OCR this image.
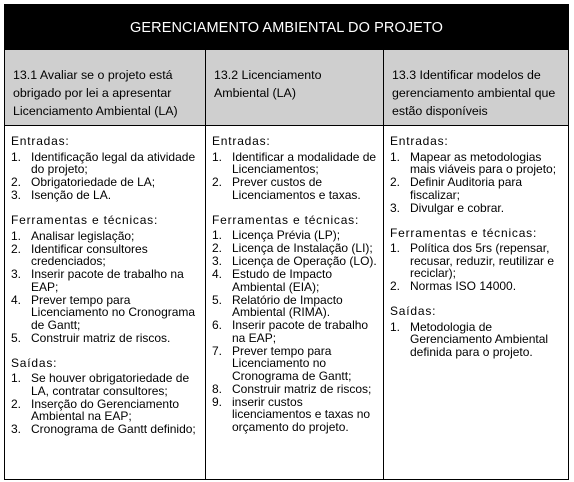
GERENCIAMENTO AMBIENTAL DO PROJETO
13.1 Avaliar se o projeto está obrigado por lei a apresentar Licenciamento Ambiental (LA)
Entradas:
1. Identificação legal da atividade do projeto;
2. Obrigatoriedade de LA;
3. Isenção de LA.
Ferramentas e técnicas:
1. Analisar legislação;
2. Identificar consultores credenciados;
3. Inserir pacote de trabalho na EAP;
4. Prever tempo para Licenciamento no Cronograma de Gantt;
5. Construir matriz de riscos.
Saídas:
1. Se houver obrigatoriedade de LA, contratar consultores;
2. Inserção do Gerenciamento Ambiental na EAP;
3. Cronograma de Gantt definido;
13.2 Licenciamento Ambiental (LA)
Entradas:
1. Identificar a modalidade de Licenciamentos;
2. Prever custos de Licenciamentos e taxas.
Ferramentas e técnicas:
1. Licença Prévia (LP);
2. Licença de Instalação (LI);
3. Licença de Operação (LO).
4. Estudo de Impacto Ambiental (EIA);
5. Relatório de Impacto Ambiental (RIMA).
6. Inserir pacote de trabalho na EAP;
7. Prever tempo para Licenciamento no Cronograma de Gantt;
8. Construir matriz de riscos;
9. inserir custos licenciamentos e taxas no orçamento do projeto.
13.3 Identificar modelos de gerenciamento ambiental que estão disponíveis
Entradas:
1. Mapear as metodologias mais viáveis para o projeto;
2. Definir Auditoria para fiscalizar;
3. Divulgar e cobrar.
Ferramentas e técnicas:
1. Política dos 5rs (repensar, recusar, reduzir, reutilizar e reciclar);
2. Normas ISO 14000.
Saídas:
1. Metodologia de Gerenciamento Ambiental definida para o projeto.
